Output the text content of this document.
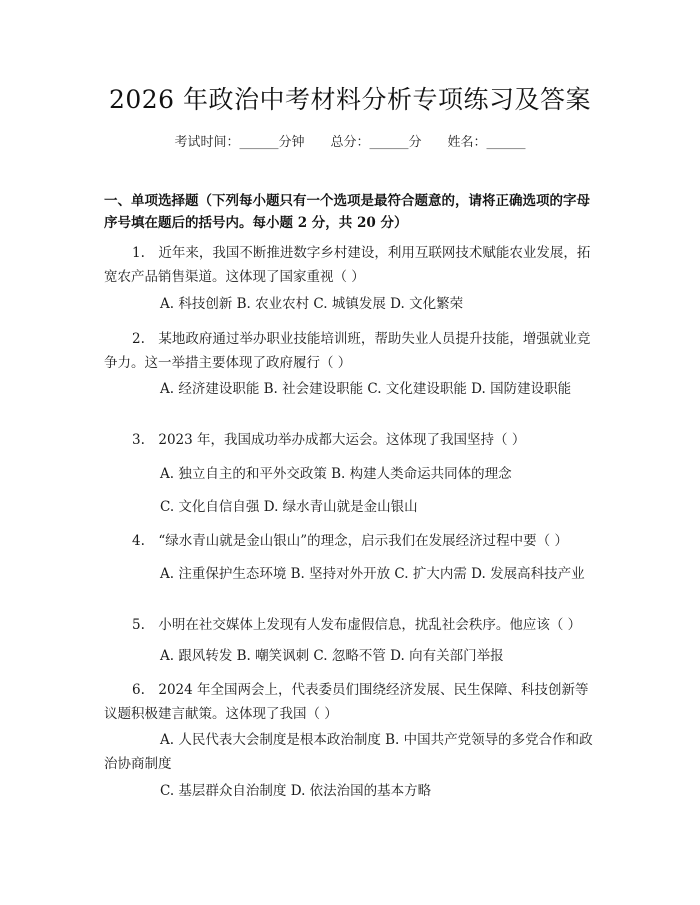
2026 年政治中考材料分析专项练习及答案
考试时间：______分钟 总分：______分 姓名：______
一、单项选择题（下列每小题只有一个选项是最符合题意的，请将正确选项的字母序号填在题后的括号内。每小题 2 分，共 20 分）
1.　近年来，我国不断推进数字乡村建设，利用互联网技术赋能农业发展，拓宽农产品销售渠道。这体现了国家重视（ ）
A. 科技创新 B. 农业农村 C. 城镇发展 D. 文化繁荣
2.　某地政府通过举办职业技能培训班，帮助失业人员提升技能，增强就业竞争力。这一举措主要体现了政府履行（ ）
A. 经济建设职能 B. 社会建设职能 C. 文化建设职能 D. 国防建设职能
3.　2023 年，我国成功举办成都大运会。这体现了我国坚持（ ）
A. 独立自主的和平外交政策 B. 构建人类命运共同体的理念
C. 文化自信自强 D. 绿水青山就是金山银山
4.　“绿水青山就是金山银山”的理念，启示我们在发展经济过程中要（ ）
A. 注重保护生态环境 B. 坚持对外开放 C. 扩大内需 D. 发展高科技产业
5.　小明在社交媒体上发现有人发布虚假信息，扰乱社会秩序。他应该（ ）
A. 跟风转发 B. 嘲笑讽刺 C. 忽略不管 D. 向有关部门举报
6.　2024 年全国两会上，代表委员们围绕经济发展、民生保障、科技创新等议题积极建言献策。这体现了我国（ ）
A. 人民代表大会制度是根本政治制度 B. 中国共产党领导的多党合作和政治协商制度
C. 基层群众自治制度 D. 依法治国的基本方略
